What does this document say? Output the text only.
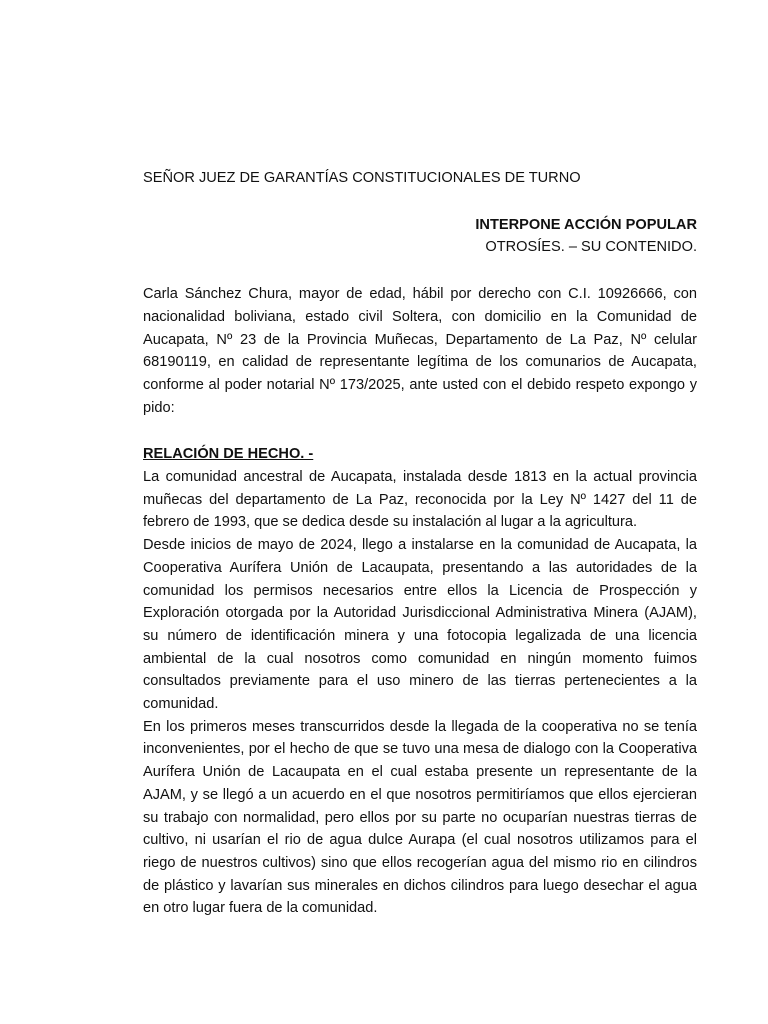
SEÑOR JUEZ DE GARANTÍAS CONSTITUCIONALES DE TURNO
INTERPONE ACCIÓN POPULAR
OTROSÍES. – SU CONTENIDO.

Carla Sánchez Chura, mayor de edad, hábil por derecho con C.I. 10926666, con nacionalidad boliviana, estado civil Soltera, con domicilio en la Comunidad de Aucapata, Nº 23 de la Provincia Muñecas, Departamento de La Paz, Nº celular 68190119, en calidad de representante legítima de los comunarios de Aucapata, conforme al poder notarial Nº 173/2025, ante usted con el debido respeto expongo y pido:

RELACIÓN DE HECHO. -

La comunidad ancestral de Aucapata, instalada desde 1813 en la actual provincia muñecas del departamento de La Paz, reconocida por la Ley Nº 1427 del 11 de febrero de 1993, que se dedica desde su instalación al lugar a la agricultura.

Desde inicios de mayo de 2024, llego a instalarse en la comunidad de Aucapata, la Cooperativa Aurífera Unión de Lacaupata, presentando a las autoridades de la comunidad los permisos necesarios entre ellos la Licencia de Prospección y Exploración otorgada por la Autoridad Jurisdiccional Administrativa Minera (AJAM), su número de identificación minera y una fotocopia legalizada de una licencia ambiental de la cual nosotros como comunidad en ningún momento fuimos consultados previamente para el uso minero de las tierras pertenecientes a la comunidad.

En los primeros meses transcurridos desde la llegada de la cooperativa no se tenía inconvenientes, por el hecho de que se tuvo una mesa de dialogo con la Cooperativa Aurífera Unión de Lacaupata en el cual estaba presente un representante de la AJAM, y se llegó a un acuerdo en el que nosotros permitiríamos que ellos ejercieran su trabajo con normalidad, pero ellos por su parte no ocuparían nuestras tierras de cultivo, ni usarían el rio de agua dulce Aurapa (el cual nosotros utilizamos para el riego de nuestros cultivos) sino que ellos recogerían agua del mismo rio en cilindros de plástico y lavarían sus minerales en dichos cilindros para luego desechar el agua en otro lugar fuera de la comunidad.
